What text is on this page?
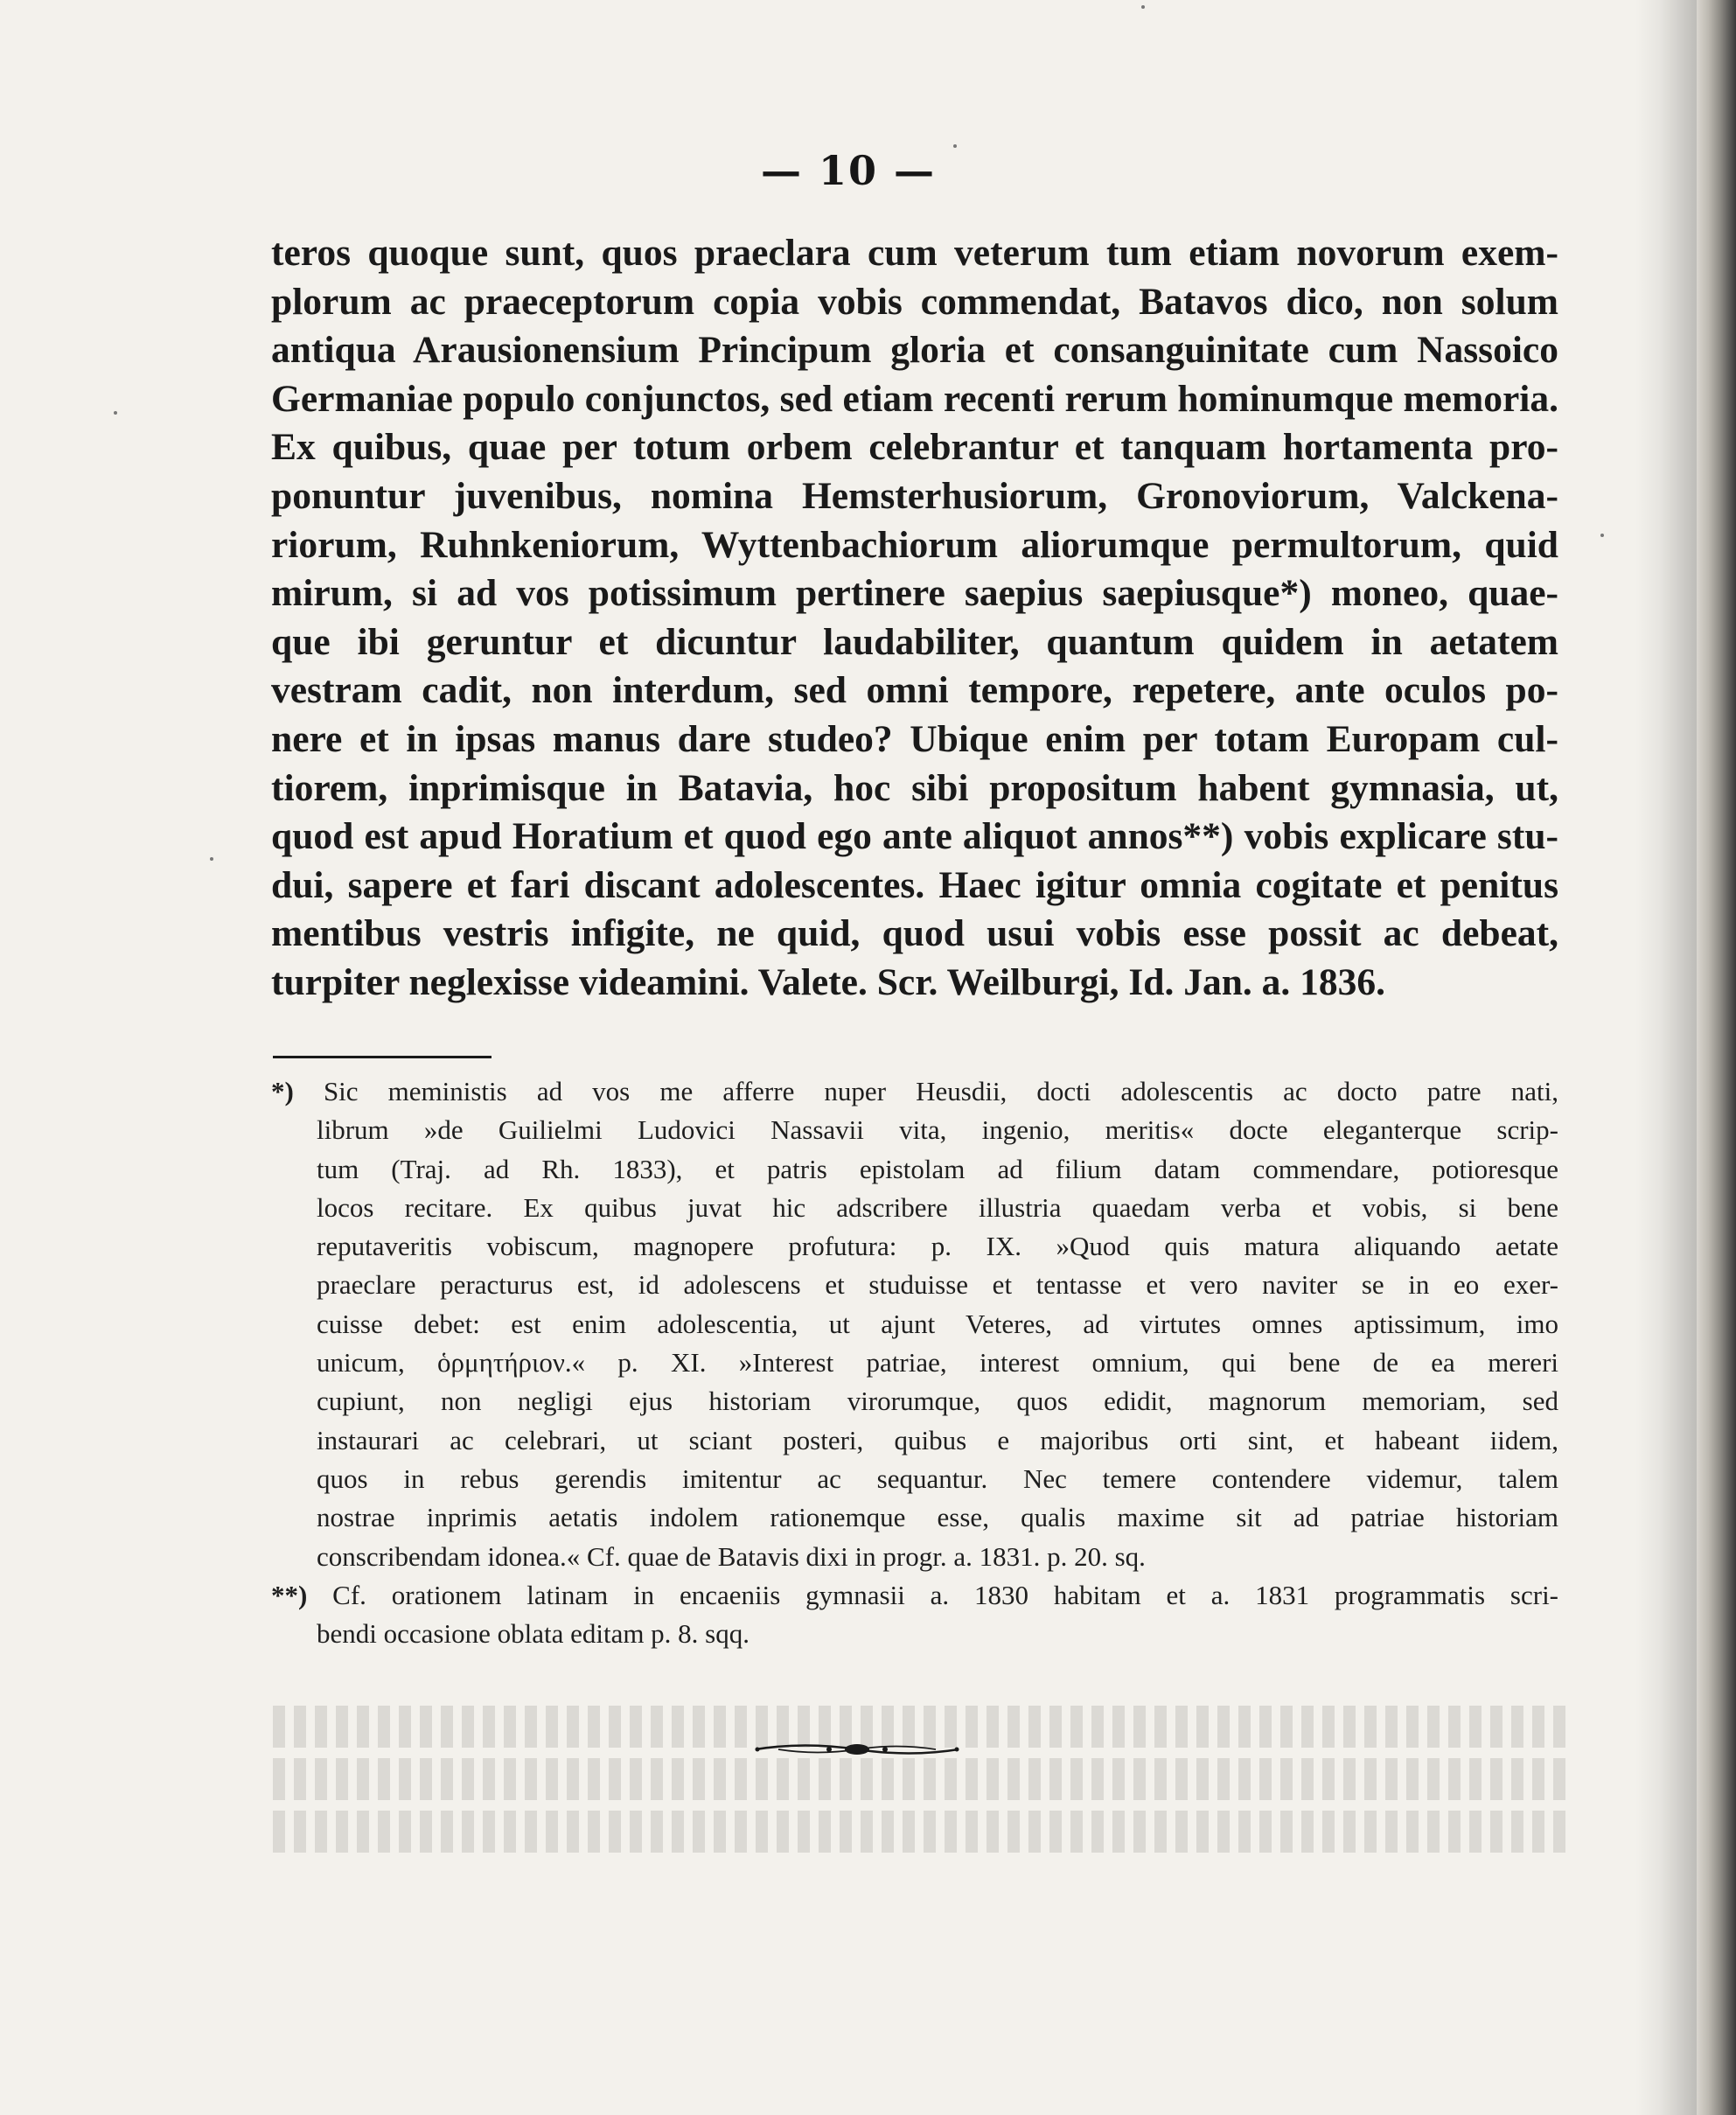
— 10 —
teros quoque sunt, quos praeclara cum veterum tum etiam novorum exem-
plorum ac praeceptorum copia vobis commendat, Batavos dico, non solum
antiqua Arausionensium Principum gloria et consanguinitate cum Nassoico
Germaniae populo conjunctos, sed etiam recenti rerum hominumque memoria.
Ex quibus, quae per totum orbem celebrantur et tanquam hortamenta pro-
ponuntur juvenibus, nomina Hemsterhusiorum, Gronoviorum, Valckena-
riorum, Ruhnkeniorum, Wyttenbachiorum aliorumque permultorum, quid
mirum, si ad vos potissimum pertinere saepius saepiusque*) moneo, quae-
que ibi geruntur et dicuntur laudabiliter, quantum quidem in aetatem
vestram cadit, non interdum, sed omni tempore, repetere, ante oculos po-
nere et in ipsas manus dare studeo? Ubique enim per totam Europam cul-
tiorem, inprimisque in Batavia, hoc sibi propositum habent gymnasia, ut,
quod est apud Horatium et quod ego ante aliquot annos**) vobis explicare stu-
dui, sapere et fari discant adolescentes. Haec igitur omnia cogitate et penitus
mentibus vestris infigite, ne quid, quod usui vobis esse possit ac debeat,
turpiter neglexisse videamini. Valete. Scr. Weilburgi, Id. Jan. a. 1836.
*) Sic meministis ad vos me afferre nuper Heusdii, docti adolescentis ac docto patre nati,
librum »de Guilielmi Ludovici Nassavii vita, ingenio, meritis« docte eleganterque scrip-
tum (Traj. ad Rh. 1833), et patris epistolam ad filium datam commendare, potioresque
locos recitare. Ex quibus juvat hic adscribere illustria quaedam verba et vobis, si bene
reputaveritis vobiscum, magnopere profutura: p. IX. »Quod quis matura aliquando aetate
praeclare peracturus est, id adolescens et studuisse et tentasse et vero naviter se in eo exer-
cuisse debet: est enim adolescentia, ut ajunt Veteres, ad virtutes omnes aptissimum, imo
unicum, ὁρμητήριον.« p. XI. »Interest patriae, interest omnium, qui bene de ea mereri
cupiunt, non negligi ejus historiam virorumque, quos edidit, magnorum memoriam, sed
instaurari ac celebrari, ut sciant posteri, quibus e majoribus orti sint, et habeant iidem,
quos in rebus gerendis imitentur ac sequantur. Nec temere contendere videmur, talem
nostrae inprimis aetatis indolem rationemque esse, qualis maxime sit ad patriae historiam
conscribendam idonea.« Cf. quae de Batavis dixi in progr. a. 1831. p. 20. sq.
**) Cf. orationem latinam in encaeniis gymnasii a. 1830 habitam et a. 1831 programmatis scri-
bendi occasione oblata editam p. 8. sqq.
